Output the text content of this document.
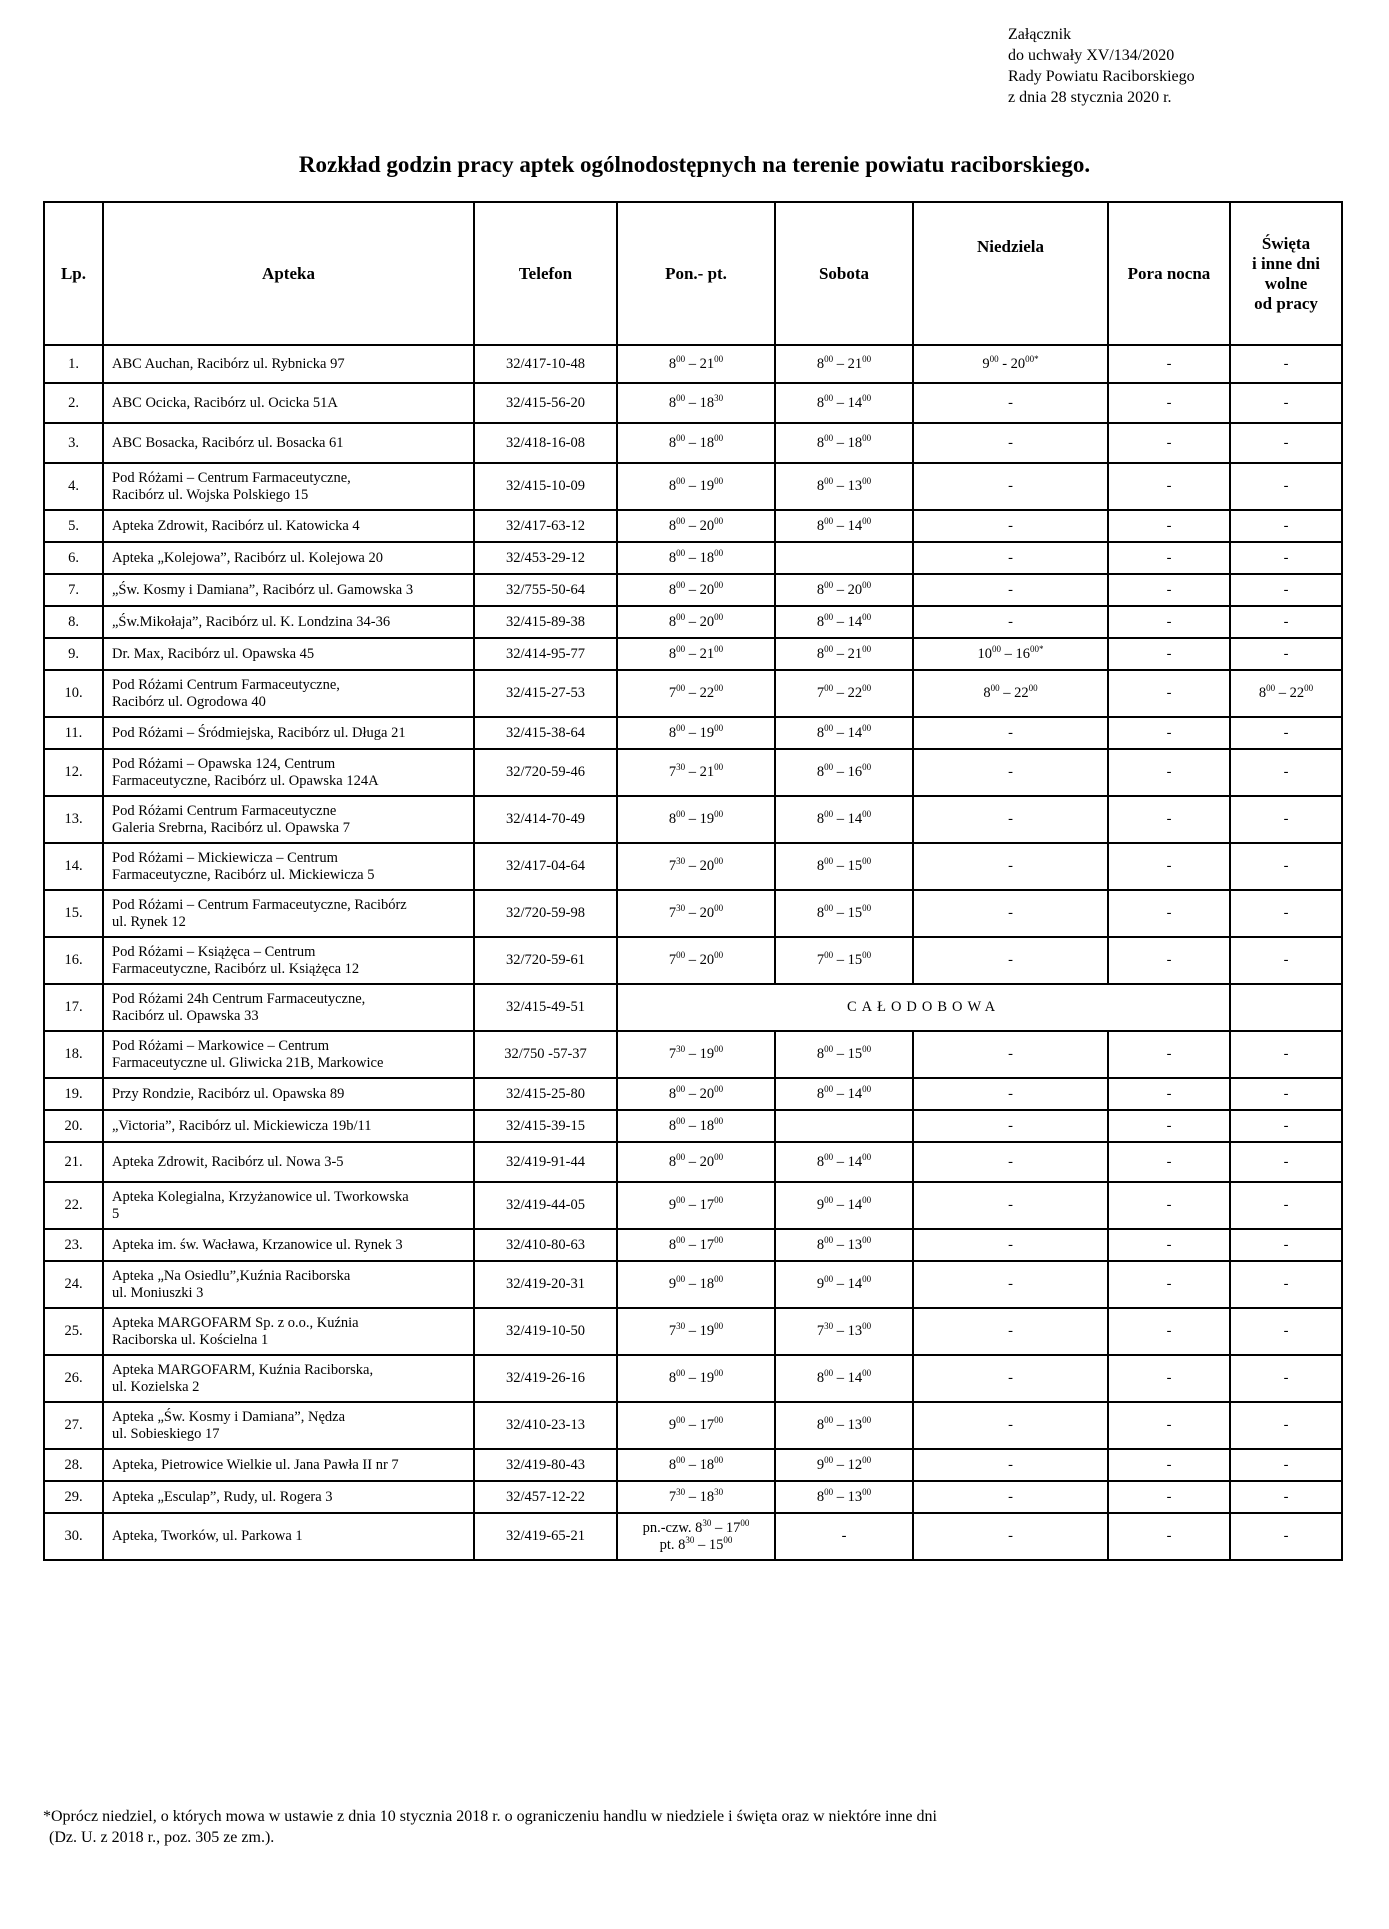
Załącznik
do uchwały XV/134/2020
Rady Powiatu Raciborskiego
z dnia 28 stycznia 2020 r.
Rozkład godzin pracy aptek ogólnodostępnych na terenie powiatu raciborskiego.
Lp.	Apteka	Telefon	Pon.- pt.	Sobota	Niedziela	Pora nocna	Święta
i inne dni
wolne
od pracy

1.	ABC Auchan, Racibórz ul. Rybnicka 97	32/417-10-48	$8^{00} - 21^{00}$	$8^{00} - 21^{00}$	$9^{00} - 20^{00*}$	-	-
2.	ABC Ocicka, Racibórz ul. Ocicka 51A	32/415-56-20	$8^{00} - 18^{30}$	$8^{00} - 14^{00}$	-	-	-
3.	ABC Bosacka, Racibórz ul. Bosacka 61	32/418-16-08	$8^{00} - 18^{00}$	$8^{00} - 18^{00}$	-	-	-
4.	Pod Różami – Centrum Farmaceutyczne,
Racibórz ul. Wojska Polskiego 15	32/415-10-09	$8^{00} - 19^{00}$	$8^{00} - 13^{00}$	-	-	-
5.	Apteka Zdrowit, Racibórz ul. Katowicka 4	32/417-63-12	$8^{00} - 20^{00}$	$8^{00} - 14^{00}$	-	-	-
6.	Apteka „Kolejowa”, Racibórz ul. Kolejowa 20	32/453-29-12	$8^{00} - 18^{00}$		-	-	-
7.	„Św. Kosmy i Damiana”, Racibórz ul. Gamowska 3	32/755-50-64	$8^{00} - 20^{00}$	$8^{00} - 20^{00}$	-	-	-
8.	„Św.Mikołaja”, Racibórz ul. K. Londzina 34-36	32/415-89-38	$8^{00} - 20^{00}$	$8^{00} - 14^{00}$	-	-	-
9.	Dr. Max, Racibórz ul. Opawska 45	32/414-95-77	$8^{00} - 21^{00}$	$8^{00} - 21^{00}$	$10^{00} - 16^{00*}$	-	-
10.	Pod Różami Centrum Farmaceutyczne,
Racibórz ul. Ogrodowa 40	32/415-27-53	$7^{00} - 22^{00}$	$7^{00} - 22^{00}$	$8^{00} - 22^{00}$	-	$8^{00} - 22^{00}$
11.	Pod Różami – Śródmiejska, Racibórz ul. Długa 21	32/415-38-64	$8^{00} - 19^{00}$	$8^{00} - 14^{00}$	-	-	-
12.	Pod Różami – Opawska 124, Centrum
Farmaceutyczne, Racibórz ul. Opawska 124A	32/720-59-46	$7^{30} - 21^{00}$	$8^{00} - 16^{00}$	-	-	-
13.	Pod Różami Centrum Farmaceutyczne
Galeria Srebrna, Racibórz ul. Opawska 7	32/414-70-49	$8^{00} - 19^{00}$	$8^{00} - 14^{00}$	-	-	-
14.	Pod Różami – Mickiewicza – Centrum
Farmaceutyczne, Racibórz ul. Mickiewicza 5	32/417-04-64	$7^{30} - 20^{00}$	$8^{00} - 15^{00}$	-	-	-
15.	Pod Różami – Centrum Farmaceutyczne, Racibórz
ul. Rynek 12	32/720-59-98	$7^{30} - 20^{00}$	$8^{00} - 15^{00}$	-	-	-
16.	Pod Różami – Książęca – Centrum
Farmaceutyczne, Racibórz ul. Książęca 12	32/720-59-61	$7^{00} - 20^{00}$	$7^{00} - 15^{00}$	-	-	-
17.	Pod Różami 24h Centrum Farmaceutyczne,
Racibórz ul. Opawska 33	32/415-49-51	CAŁODOBOWA				
18.	Pod Różami – Markowice – Centrum
Farmaceutyczne ul. Gliwicka 21B, Markowice	32/750 -57-37	$7^{30} - 19^{00}$	$8^{00} - 15^{00}$	-	-	-
19.	Przy Rondzie, Racibórz ul. Opawska 89	32/415-25-80	$8^{00} - 20^{00}$	$8^{00} - 14^{00}$	-	-	-
20.	„Victoria”, Racibórz ul. Mickiewicza 19b/11	32/415-39-15	$8^{00} - 18^{00}$		-	-	-
21.	Apteka Zdrowit, Racibórz ul. Nowa 3-5	32/419-91-44	$8^{00} - 20^{00}$	$8^{00} - 14^{00}$	-	-	-
22.	Apteka Kolegialna, Krzyżanowice ul. Tworkowska
5	32/419-44-05	$9^{00} - 17^{00}$	$9^{00} - 14^{00}$	-	-	-
23.	Apteka im. św. Wacława, Krzanowice ul. Rynek 3	32/410-80-63	$8^{00} - 17^{00}$	$8^{00} - 13^{00}$	-	-	-
24.	Apteka „Na Osiedlu”,Kuźnia Raciborska
ul. Moniuszki 3	32/419-20-31	$9^{00} - 18^{00}$	$9^{00} - 14^{00}$	-	-	-
25.	Apteka MARGOFARM Sp. z o.o., Kuźnia
Raciborska ul. Kościelna 1	32/419-10-50	$7^{30} - 19^{00}$	$7^{30} - 13^{00}$	-	-	-
26.	Apteka MARGOFARM, Kuźnia Raciborska,
ul. Kozielska 2	32/419-26-16	$8^{00} - 19^{00}$	$8^{00} - 14^{00}$	-	-	-
27.	Apteka „Św. Kosmy i Damiana”, Nędza
ul. Sobieskiego 17	32/410-23-13	$9^{00} - 17^{00}$	$8^{00} - 13^{00}$	-	-	-
28.	Apteka, Pietrowice Wielkie ul. Jana Pawła II nr 7	32/419-80-43	$8^{00} - 18^{00}$	$9^{00} - 12^{00}$	-	-	-
29.	Apteka „Esculap”, Rudy, ul. Rogera 3	32/457-12-22	$7^{30} - 18^{30}$	$8^{00} - 13^{00}$	-	-	-
30.	Apteka, Tworków, ul. Parkowa 1	32/419-65-21	pn.-czw. $8^{30} - 17^{00}$
pt. $8^{30} - 15^{00}$	-	-	-	-
*Oprócz niedziel, o których mowa w ustawie z dnia 10 stycznia 2018 r. o ograniczeniu handlu w niedziele i święta oraz w niektóre inne dni
(Dz. U. z 2018 r., poz. 305 ze zm.).
